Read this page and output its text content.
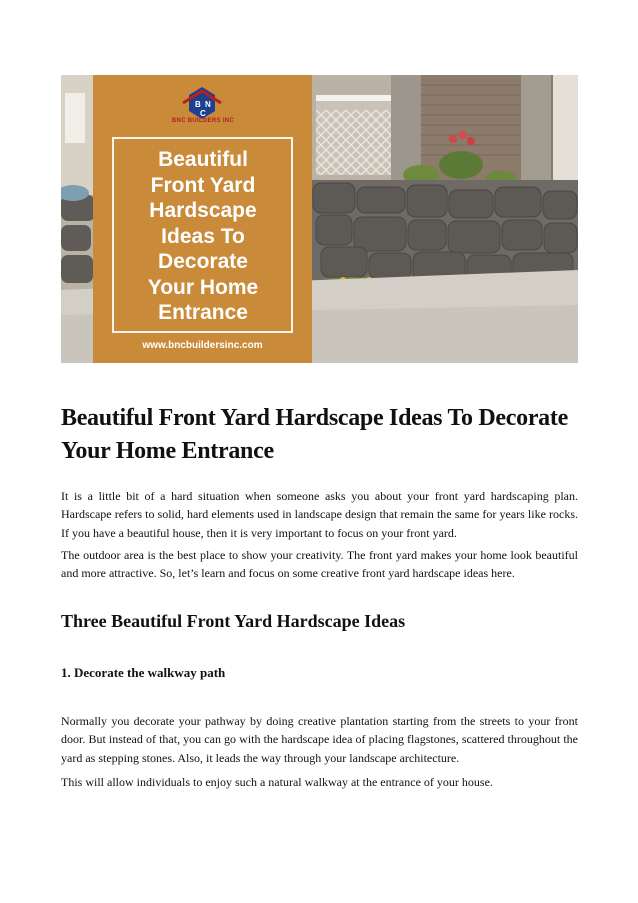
B N
C
BNC BUILDERS INC
Beautiful
Front Yard
Hardscape
Ideas To
Decorate
Your Home
Entrance
www.bncbuildersinc.com
Beautiful Front Yard Hardscape Ideas To Decorate Your Home Entrance

It is a little bit of a hard situation when someone asks you about your front yard hardscaping plan. Hardscape refers to solid, hard elements used in landscape design that remain the same for years like rocks. If you have a beautiful house, then it is very important to focus on your front yard.

The outdoor area is the best place to show your creativity. The front yard makes your home look beautiful and more attractive. So, let’s learn and focus on some creative front yard hardscape ideas here.

Three Beautiful Front Yard Hardscape Ideas
1. Decorate the walkway path

Normally you decorate your pathway by doing creative plantation starting from the streets to your front door. But instead of that, you can go with the hardscape idea of placing flagstones, scattered throughout the yard as stepping stones. Also, it leads the way through your landscape architecture.

This will allow individuals to enjoy such a natural walkway at the entrance of your house.
